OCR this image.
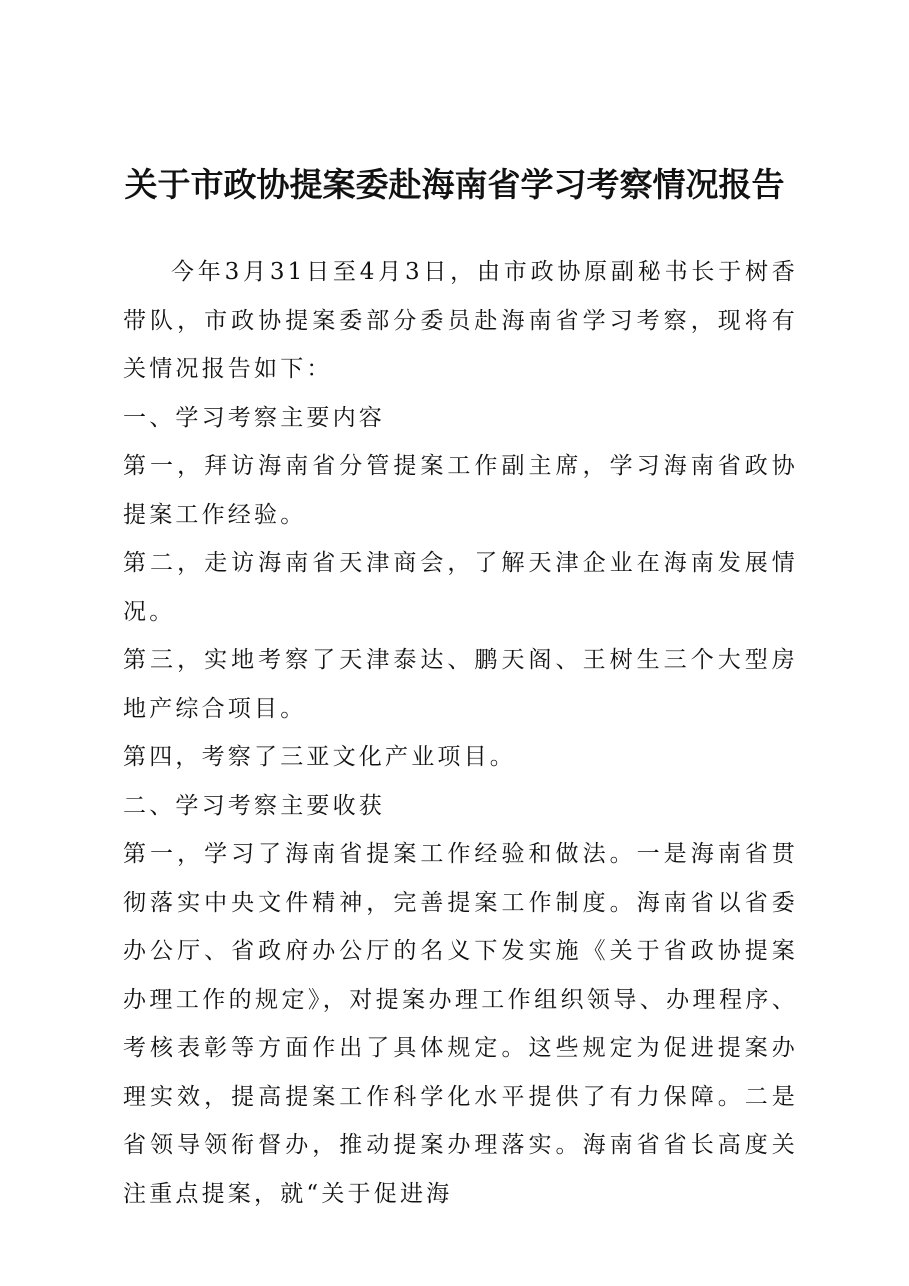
关于市政协提案委赴海南省学习考察情况报告

今年3月31日至4月3日，由市政协原副秘书长于树香带队，市政协提案委部分委员赴海南省学习考察，现将有关情况报告如下：

一、学习考察主要内容

第一，拜访海南省分管提案工作副主席，学习海南省政协提案工作经验。

第二，走访海南省天津商会，了解天津企业在海南发展情况。

第三，实地考察了天津泰达、鹏天阁、王树生三个大型房地产综合项目。

第四，考察了三亚文化产业项目。

二、学习考察主要收获

第一，学习了海南省提案工作经验和做法。一是海南省贯彻落实中央文件精神，完善提案工作制度。海南省以省委办公厅、省政府办公厅的名义下发实施《关于省政协提案办理工作的规定》，对提案办理工作组织领导、办理程序、考核表彰等方面作出了具体规定。这些规定为促进提案办理实效，提高提案工作科学化水平提供了有力保障。二是省领导领衔督办，推动提案办理落实。海南省省长高度关注重点提案，就“关于促进海
